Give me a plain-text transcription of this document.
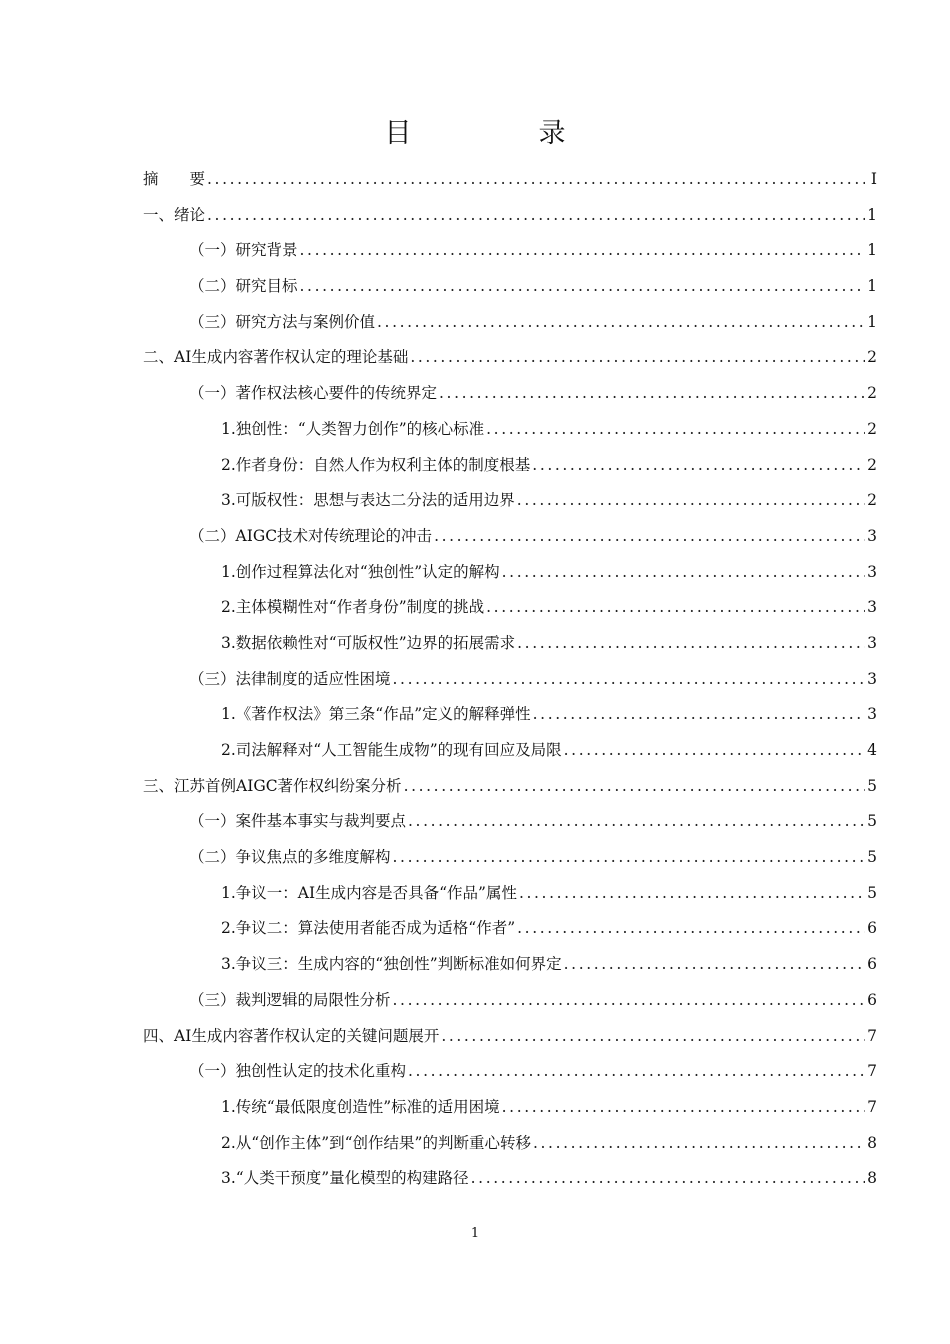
目　录
摘　　要 .....	I
一、绪论 .....	1
（一）研究背景 .....	1
（二）研究目标 .....	1
（三）研究方法与案例价值 .....	1
二、AI生成内容著作权认定的理论基础 .....	2
（一）著作权法核心要件的传统界定 .....	2
1.独创性：“人类智力创作”的核心标准 .....	2
2.作者身份：自然人作为权利主体的制度根基 .....	2
3.可版权性：思想与表达二分法的适用边界 .....	2
（二）AIGC技术对传统理论的冲击 .....	3
1.创作过程算法化对“独创性”认定的解构 .....	3
2.主体模糊性对“作者身份”制度的挑战 .....	3
3.数据依赖性对“可版权性”边界的拓展需求 .....	3
（三）法律制度的适应性困境 .....	3
1.《著作权法》第三条“作品”定义的解释弹性 .....	3
2.司法解释对“人工智能生成物”的现有回应及局限 .....	4
三、江苏首例AIGC著作权纠纷案分析 .....	5
（一）案件基本事实与裁判要点 .....	5
（二）争议焦点的多维度解构 .....	5
1.争议一：AI生成内容是否具备“作品”属性 .....	5
2.争议二：算法使用者能否成为适格“作者” .....	6
3.争议三：生成内容的“独创性”判断标准如何界定 .....	6
（三）裁判逻辑的局限性分析 .....	6
四、AI生成内容著作权认定的关键问题展开 .....	7
（一）独创性认定的技术化重构 .....	7
1.传统“最低限度创造性”标准的适用困境 .....	7
2.从“创作主体”到“创作结果”的判断重心转移 .....	8
3.“人类干预度”量化模型的构建路径 .....	8
1
